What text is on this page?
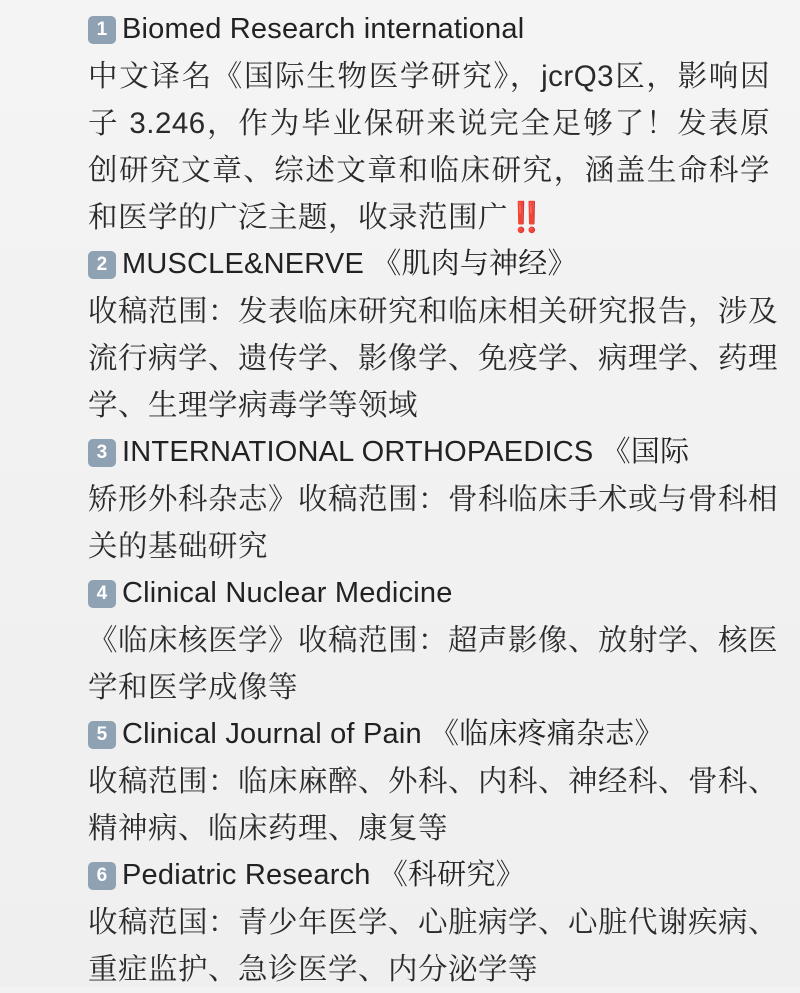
1 Biomed Research international
中文译名《国际生物医学研究》，jcrQ3区，影响因子 3.246，作为毕业保研来说完全足够了！发表原创研究文章、综述文章和临床研究，涵盖生命科学和医学的广泛主题，收录范围广‼️
2 MUSCLE&NERVE 《肌肉与神经》
收稿范围：发表临床研究和临床相关研究报告，涉及流行病学、遗传学、影像学、免疫学、病理学、药理学、生理学病毒学等领域
3 INTERNATIONAL ORTHOPAEDICS 《国际
矫形外科杂志》收稿范围：骨科临床手术或与骨科相关的基础研究
4 Clinical Nuclear Medicine
《临床核医学》收稿范围：超声影像、放射学、核医学和医学成像等
5 Clinical Journal of Pain 《临床疼痛杂志》
收稿范围：临床麻醉、外科、内科、神经科、骨科、精神病、临床药理、康复等
6 Pediatric Research 《科研究》
收稿范国：青少年医学、心脏病学、心脏代谢疾病、重症监护、急诊医学、内分泌学等
